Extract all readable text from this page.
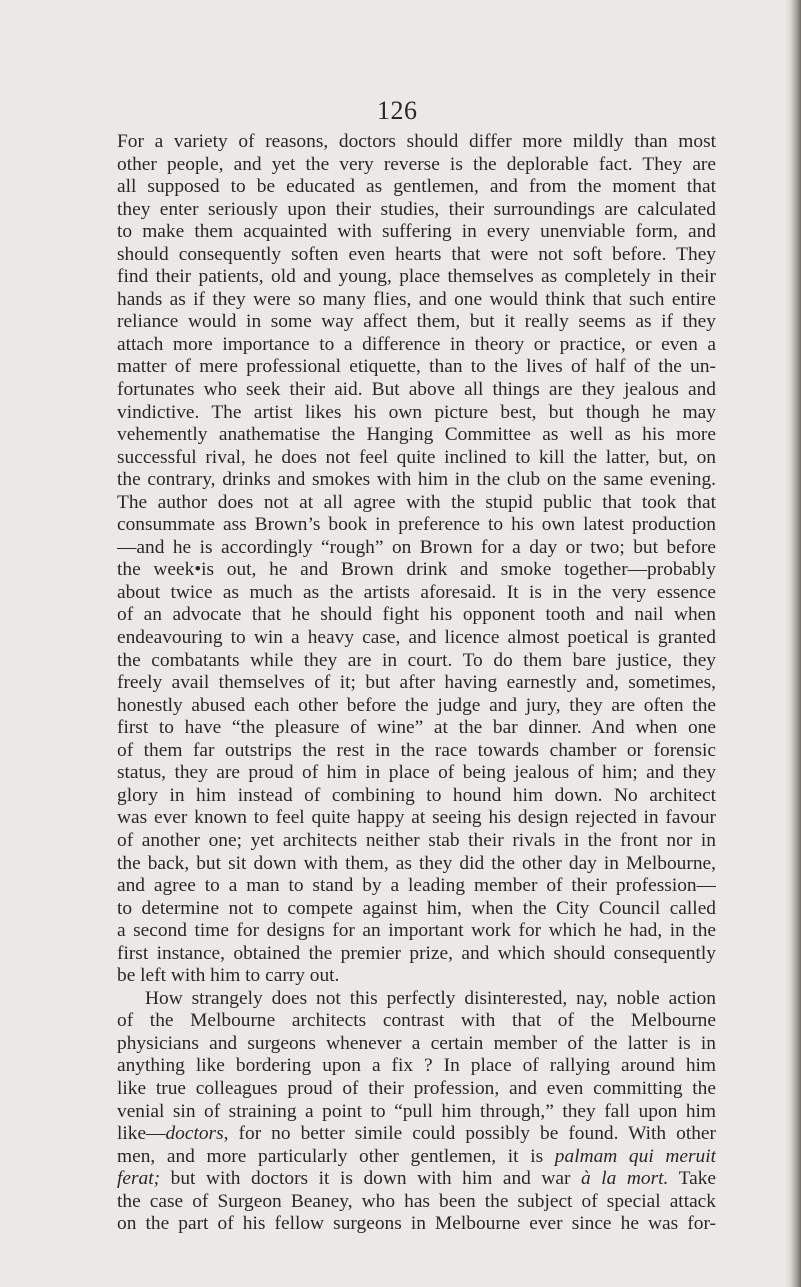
126
For a variety of reasons, doctors should differ more mildly than most
other people, and yet the very reverse is the deplorable fact. They are
all supposed to be educated as gentlemen, and from the moment that
they enter seriously upon their studies, their surroundings are calculated
to make them acquainted with suffering in every unenviable form, and
should consequently soften even hearts that were not soft before. They
find their patients, old and young, place themselves as completely in their
hands as if they were so many flies, and one would think that such entire
reliance would in some way affect them, but it really seems as if they
attach more importance to a difference in theory or practice, or even a
matter of mere professional etiquette, than to the lives of half of the un-
fortunates who seek their aid. But above all things are they jealous and
vindictive. The artist likes his own picture best, but though he may
vehemently anathematise the Hanging Committee as well as his more
successful rival, he does not feel quite inclined to kill the latter, but, on
the contrary, drinks and smokes with him in the club on the same evening.
The author does not at all agree with the stupid public that took that
consummate ass Brown’s book in preference to his own latest production
—and he is accordingly “rough” on Brown for a day or two; but before
the week•is out, he and Brown drink and smoke together—probably
about twice as much as the artists aforesaid. It is in the very essence
of an advocate that he should fight his opponent tooth and nail when
endeavouring to win a heavy case, and licence almost poetical is granted
the combatants while they are in court. To do them bare justice, they
freely avail themselves of it; but after having earnestly and, sometimes,
honestly abused each other before the judge and jury, they are often the
first to have “the pleasure of wine” at the bar dinner. And when one
of them far outstrips the rest in the race towards chamber or forensic
status, they are proud of him in place of being jealous of him; and they
glory in him instead of combining to hound him down. No architect
was ever known to feel quite happy at seeing his design rejected in favour
of another one; yet architects neither stab their rivals in the front nor in
the back, but sit down with them, as they did the other day in Melbourne,
and agree to a man to stand by a leading member of their profession—
to determine not to compete against him, when the City Council called
a second time for designs for an important work for which he had, in the
first instance, obtained the premier prize, and which should consequently
be left with him to carry out.
How strangely does not this perfectly disinterested, nay, noble action
of the Melbourne architects contrast with that of the Melbourne
physicians and surgeons whenever a certain member of the latter is in
anything like bordering upon a fix ? In place of rallying around him
like true colleagues proud of their profession, and even committing the
venial sin of straining a point to “pull him through,” they fall upon him
like—doctors, for no better simile could possibly be found. With other
men, and more particularly other gentlemen, it is palmam qui meruit
ferat; but with doctors it is down with him and war à la mort. Take
the case of Surgeon Beaney, who has been the subject of special attack
on the part of his fellow surgeons in Melbourne ever since he was for-
